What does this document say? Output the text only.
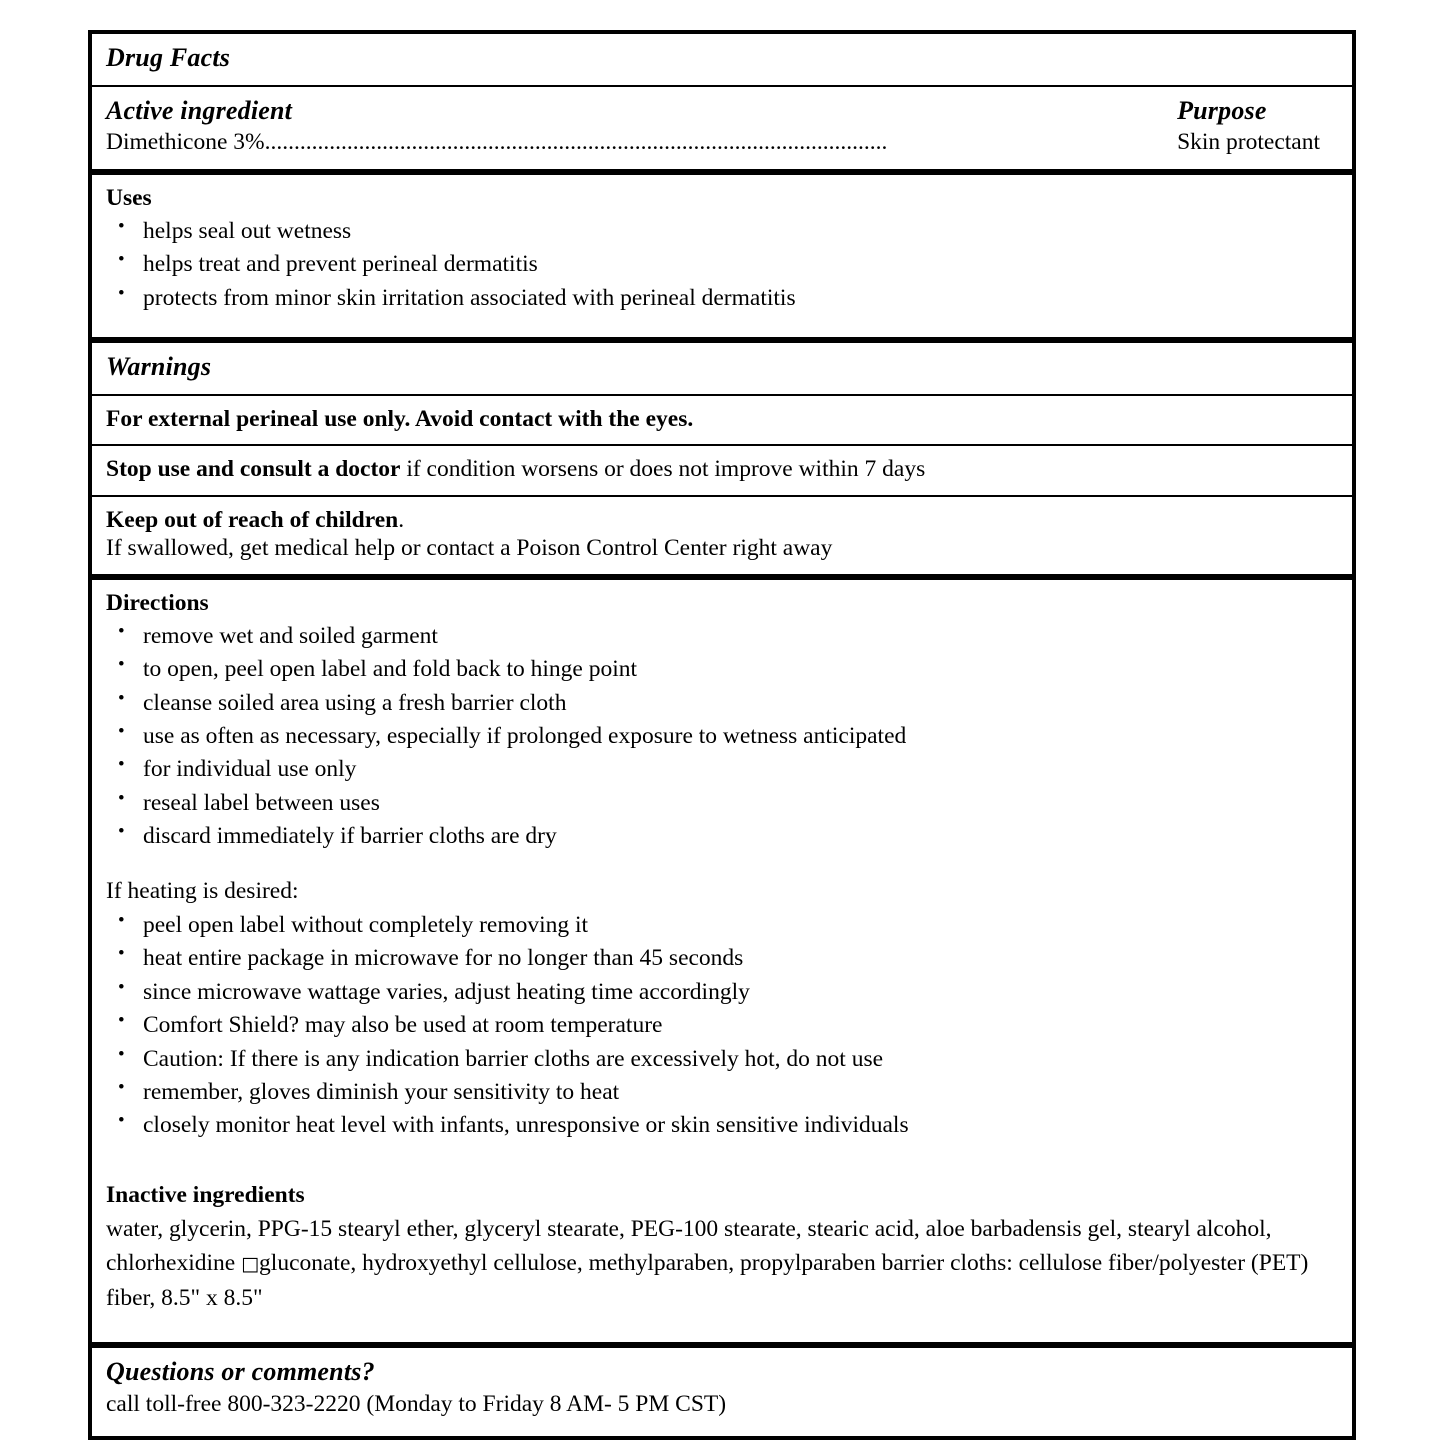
Drug Facts
Active ingredient
Dimethicone 3%..........................................................................................................
Purpose
Skin protectant
Uses
• helps seal out wetness
• helps treat and prevent perineal dermatitis
• protects from minor skin irritation associated with perineal dermatitis
Warnings
For external perineal use only. Avoid contact with the eyes.
Stop use and consult a doctor if condition worsens or does not improve within 7 days
Keep out of reach of children.
If swallowed, get medical help or contact a Poison Control Center right away
Directions
• remove wet and soiled garment
• to open, peel open label and fold back to hinge point
• cleanse soiled area using a fresh barrier cloth
• use as often as necessary, especially if prolonged exposure to wetness anticipated
• for individual use only
• reseal label between uses
• discard immediately if barrier cloths are dry
If heating is desired:
• peel open label without completely removing it
• heat entire package in microwave for no longer than 45 seconds
• since microwave wattage varies, adjust heating time accordingly
• Comfort Shield? may also be used at room temperature
• Caution: If there is any indication barrier cloths are excessively hot, do not use
• remember, gloves diminish your sensitivity to heat
• closely monitor heat level with infants, unresponsive or skin sensitive individuals
Inactive ingredients
water, glycerin, PPG-15 stearyl ether, glyceryl stearate, PEG-100 stearate, stearic acid, aloe barbadensis gel, stearyl alcohol, chlorhexidine □gluconate, hydroxyethyl cellulose, methylparaben, propylparaben barrier cloths: cellulose fiber/polyester (PET) fiber, 8.5" x 8.5"
Questions or comments?
call toll-free 800-323-2220 (Monday to Friday 8 AM- 5 PM CST)
